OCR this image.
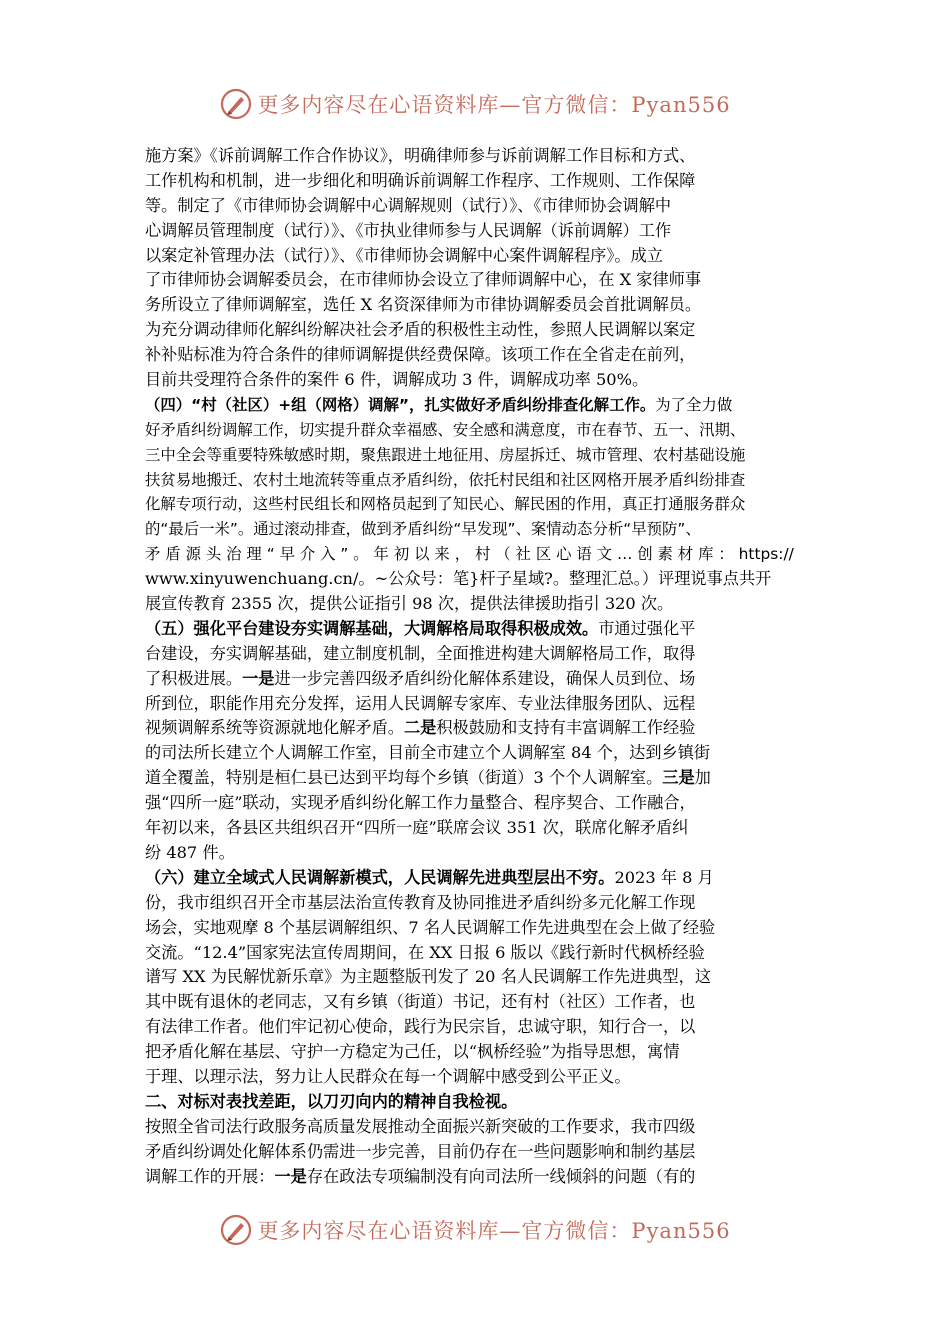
更多内容尽在心语资料库—官方微信：Pyan556
施方案》《诉前调解工作合作协议》，明确律师参与诉前调解工作目标和方式、
工作机构和机制，进一步细化和明确诉前调解工作程序、工作规则、工作保障
等。制定了《市律师协会调解中心调解规则（试行）》、《市律师协会调解中
心调解员管理制度（试行）》、《市执业律师参与人民调解（诉前调解）工作
以案定补管理办法（试行）》、《市律师协会调解中心案件调解程序》。成立
了市律师协会调解委员会，在市律师协会设立了律师调解中心，在 X 家律师事
务所设立了律师调解室，选任 X 名资深律师为市律协调解委员会首批调解员。
为充分调动律师化解纠纷解决社会矛盾的积极性主动性，参照人民调解以案定
补补贴标准为符合条件的律师调解提供经费保障。该项工作在全省走在前列，
目前共受理符合条件的案件 6 件，调解成功 3 件，调解成功率 50%。
（四）“村（社区）+组（网格）调解”，扎实做好矛盾纠纷排查化解工作。为了全力做
好矛盾纠纷调解工作，切实提升群众幸福感、安全感和满意度，市在春节、五一、汛期、
三中全会等重要特殊敏感时期，聚焦跟进土地征用、房屋拆迁、城市管理、农村基础设施
扶贫易地搬迁、农村土地流转等重点矛盾纠纷，依托村民组和社区网格开展矛盾纠纷排查
化解专项行动，这些村民组长和网格员起到了知民心、解民困的作用，真正打通服务群众
的“最后一米”。通过滚动排查，做到矛盾纠纷“早发现”、案情动态分析“早预防”、
矛 盾 源 头 治 理 “ 早 介 入 ” 。 年 初 以 来 ， 村 （ 社 区 心 语 文 … 创 素 材 库 ： https://
www.xinyuwenchuang.cn/。~公众号：笔}杆子星域?。整理汇总。）评理说事点共开
展宣传教育 2355 次，提供公证指引 98 次，提供法律援助指引 320 次。
（五）强化平台建设夯实调解基础，大调解格局取得积极成效。市通过强化平
台建设，夯实调解基础，建立制度机制，全面推进构建大调解格局工作，取得
了积极进展。一是进一步完善四级矛盾纠纷化解体系建设，确保人员到位、场
所到位，职能作用充分发挥，运用人民调解专家库、专业法律服务团队、远程
视频调解系统等资源就地化解矛盾。二是积极鼓励和支持有丰富调解工作经验
的司法所长建立个人调解工作室，目前全市建立个人调解室 84 个，达到乡镇街
道全覆盖，特别是桓仁县已达到平均每个乡镇（街道）3 个个人调解室。三是加
强“四所一庭”联动，实现矛盾纠纷化解工作力量整合、程序契合、工作融合，
年初以来，各县区共组织召开“四所一庭”联席会议 351 次，联席化解矛盾纠
纷 487 件。
（六）建立全域式人民调解新模式，人民调解先进典型层出不穷。2023 年 8 月
份，我市组织召开全市基层法治宣传教育及协同推进矛盾纠纷多元化解工作现
场会，实地观摩 8 个基层调解组织、7 名人民调解工作先进典型在会上做了经验
交流。“12.4”国家宪法宣传周期间，在 XX 日报 6 版以《践行新时代枫桥经验
谱写 XX 为民解忧新乐章》为主题整版刊发了 20 名人民调解工作先进典型，这
其中既有退休的老同志，又有乡镇（街道）书记，还有村（社区）工作者，也
有法律工作者。他们牢记初心使命，践行为民宗旨，忠诚守职，知行合一，以
把矛盾化解在基层、守护一方稳定为己任，以“枫桥经验”为指导思想，寓情
于理、以理示法，努力让人民群众在每一个调解中感受到公平正义。
二、对标对表找差距，以刀刃向内的精神自我检视。
按照全省司法行政服务高质量发展推动全面振兴新突破的工作要求，我市四级
矛盾纠纷调处化解体系仍需进一步完善，目前仍存在一些问题影响和制约基层
调解工作的开展：一是存在政法专项编制没有向司法所一线倾斜的问题（有的
更多内容尽在心语资料库—官方微信：Pyan556
